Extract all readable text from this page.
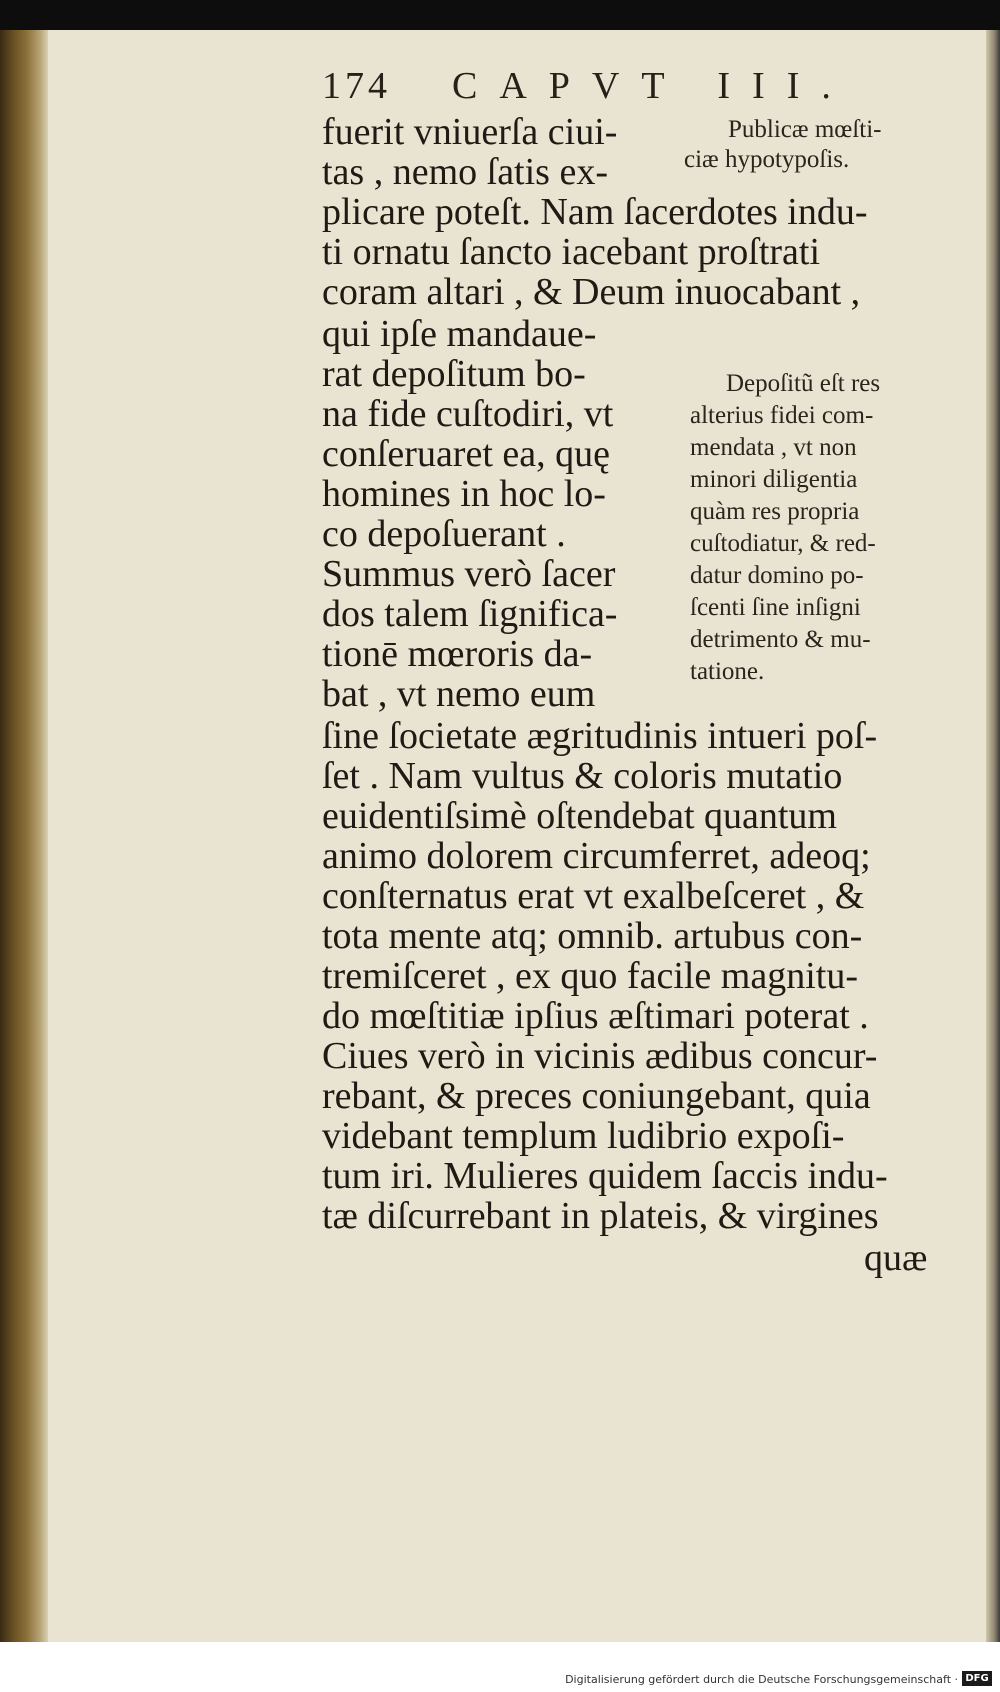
174 CAPVT III.
fuerit vniuerſa ciui-
tas , nemo ſatis ex-
plicare poteſt. Nam ſacerdotes indu-
ti ornatu ſancto iacebant proſtrati
coram altari , & Deum inuocabant ,
qui ipſe mandaue-
rat depoſitum bo-
na fide cuſtodiri, vt
conſeruaret ea, quę
homines in hoc lo-
co depoſuerant .
Summus verò ſacer
dos talem ſignifica-
tionē mœroris da-
bat , vt nemo eum
ſine ſocietate ægritudinis intueri poſ-
ſet . Nam vultus & coloris mutatio
euidentiſsimè oſtendebat quantum
animo dolorem circumferret, adeoq;
conſternatus erat vt exalbeſceret , &
tota mente atq; omnib. artubus con-
tremiſceret , ex quo facile magnitu-
do mœſtitiæ ipſius æſtimari poterat .
Ciues verò in vicinis ædibus concur-
rebant, & preces coniungebant, quia
videbant templum ludibrio expoſi-
tum iri. Mulieres quidem ſaccis indu-
tæ diſcurrebant in plateis, & virgines
quæ
Publicæ mœſti-
ciæ hypotypoſis.
Depoſitũ eſt res
alterius fidei com-
mendata , vt non
minori diligentia
quàm res propria
cuſtodiatur, & red-
datur domino po-
ſcenti ſine inſigni
detrimento & mu-
tatione.
Digitalisierung gefördert durch die Deutsche Forschungsgemeinschaft · DFG
